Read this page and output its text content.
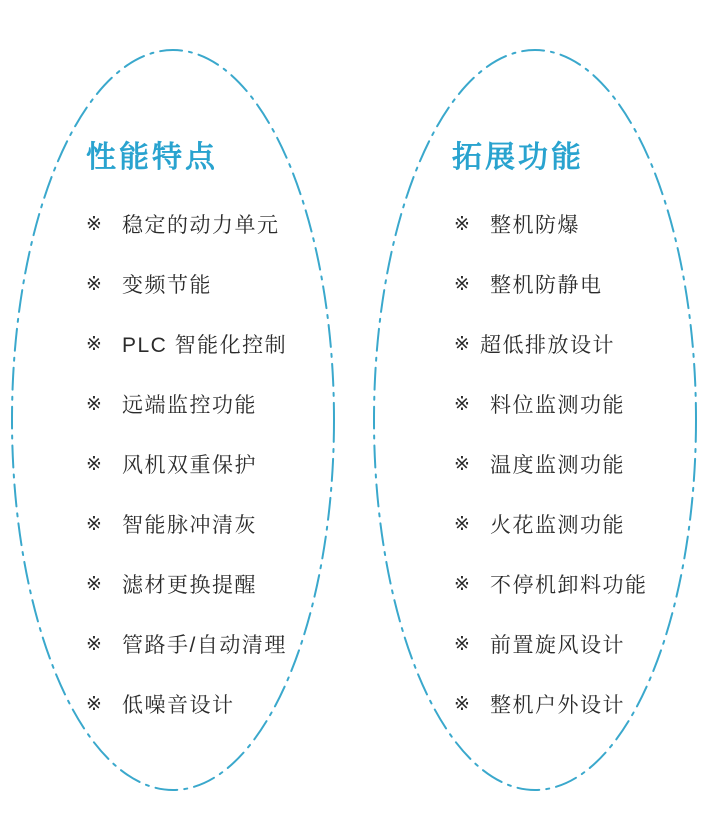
性能特点
※ 稳定的动力单元
※ 变频节能
※ PLC 智能化控制
※ 远端监控功能
※ 风机双重保护
※ 智能脉冲清灰
※ 滤材更换提醒
※ 管路手/自动清理
※ 低噪音设计
拓展功能
※ 整机防爆
※ 整机防静电
※ 超低排放设计
※ 料位监测功能
※ 温度监测功能
※ 火花监测功能
※ 不停机卸料功能
※ 前置旋风设计
※ 整机户外设计
